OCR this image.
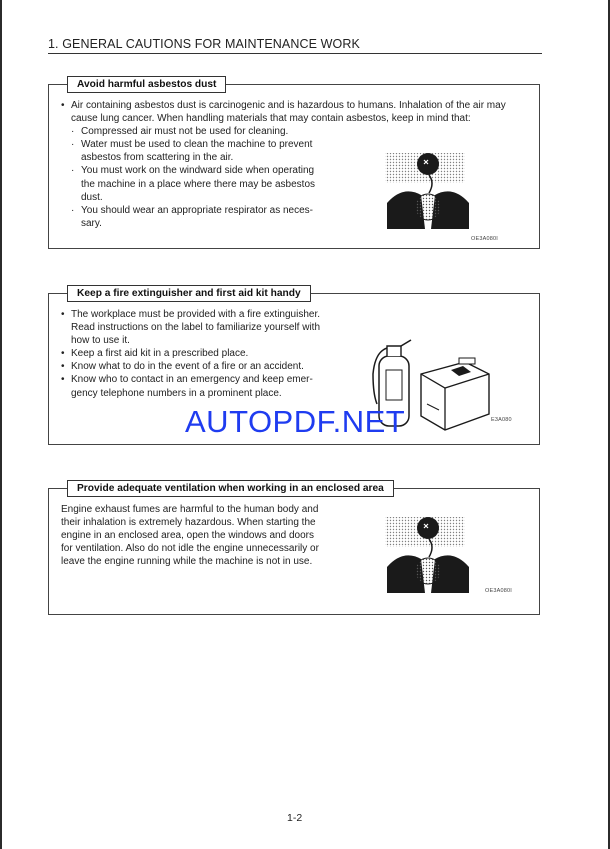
1. GENERAL CAUTIONS FOR MAINTENANCE WORK
Avoid harmful asbestos dust
• Air containing asbestos dust is carcinogenic and is hazardous to humans. Inhalation of the air may
cause lung cancer. When handling materials that may contain asbestos, keep in mind that:
· Compressed air must not be used for cleaning.
· Water must be used to clean the machine to prevent
asbestos from scattering in the air.
· You must work on the windward side when operating
the machine in a place where there may be asbestos
dust.
· You should wear an appropriate respirator as neces-
sary.
OE3A080I
Keep a fire extinguisher and first aid kit handy
• The workplace must be provided with a fire extinguisher.
Read instructions on the label to familiarize yourself with
how to use it.
• Keep a first aid kit in a prescribed place.
• Know what to do in the event of a fire or an accident.
• Know who to contact in an emergency and keep emer-
gency telephone numbers in a prominent place.
E3A080
Provide adequate ventilation when working in an enclosed area
Engine exhaust fumes are harmful to the human body and
their inhalation is extremely hazardous. When starting the
engine in an enclosed area, open the windows and doors
for ventilation. Also do not idle the engine unnecessarily or
leave the engine running while the machine is not in use.
OE3A080I
AUTOPDF.NET
1-2
